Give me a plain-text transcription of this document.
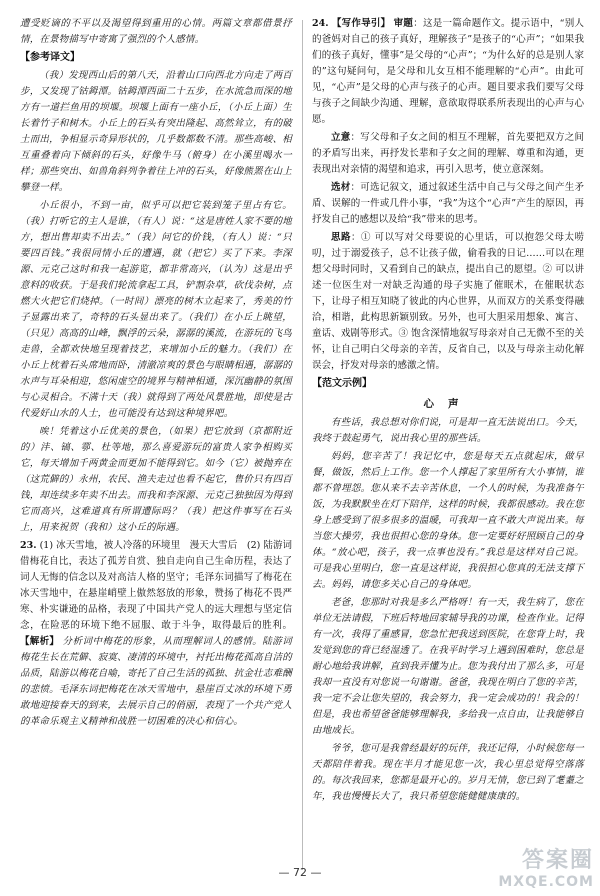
遭受贬谪的不平以及渴望得到重用的心情。两篇文章都借景抒情，在景物描写中寄寓了强烈的个人感情。

【参考译文】

（我）发现西山后的第八天，沿着山口向西北方向走了两百步，又发现了钴鉧潭。钴鉧潭西面二十五步，在水流急而深的地方有一道拦鱼用的坝堰。坝堰上面有一座小丘，（小丘上面）生长着竹子和树木。小丘上的石头有突出隆起、高然耸立，有的破土而出，争相显示奇异形状的，几乎数都数不清。那些高峻、相互重叠着向下倾斜的石头，好像牛马（俯身）在小溪里喝水一样；那些突出、如兽角斜列争着往上冲的石头，好像熊罴在山上攀登一样。

小丘很小，不到一亩，似乎可以把它装到笼子里占有它。（我）打听它的主人是谁，（有人）说：“这是唐姓人家不要的地方，想出售却卖不出去。”（我）问它的价钱，（有人）说：“只要四百钱。”我很同情小丘的遭遇，就（把它）买了下来。李深源、元克己这时和我一起游览，都非常高兴，（认为）这是出乎意料的收获。于是我们轮流拿起工具，铲割杂草，砍伐杂树，点燃大火把它们烧掉。（一时间）漂亮的树木立起来了，秀美的竹子显露出来了，奇特的石头显出来了。（我们）在小丘上眺望，（只见）高高的山峰，飘浮的云朵，潺潺的溪流，在游玩的飞鸟走兽，全都欢快地呈现着技艺，来增加小丘的魅力。（我们）在小丘上枕着石头席地而卧，清澈凉爽的景色与眼睛相遇，潺潺的水声与耳朵相迎，悠闲虚空的境界与精神相通，深沉幽静的氛围与心灵相合。不满十天（我）就得到了两处风景胜地，即使是古代爱好山水的人士，也可能没有达到这种境界吧。

唉！凭着这小丘优美的景色，（如果）把它放到（京都附近的）沣、镐、鄠、杜等地，那么喜爱游玩的富贵人家争相购买它，每天增加千两黄金而更加不能得到它。如今（它）被抛弃在（这荒僻的）永州，农民、渔夫走过也看不起它，售价只有四百钱，却连续多年卖不出去。而我和李深源、元克己独独因为得到它而高兴，这难道真有所谓遭际吗？（我）把这件事写在石头上，用来祝贺（我和）这小丘的际遇。

23. (1) 冰天雪地，被人冷落的环境里　漫天大雪后　(2) 陆游词借梅花自比，表达了孤芳自赏、独自走向自己生命历程，表达了词人无悔的信念以及对高洁人格的坚守；毛泽东词描写了梅花在冰天雪地中，在悬崖峭壁上傲然怒放的形象，赞扬了梅花不畏严寒、朴实谦逊的品格，表现了中国共产党人的远大理想与坚定信念，在险恶的环境下绝不屈服、敢于斗争，取得最后的胜利。 【解析】 分析词中梅花的形象，从而理解词人的感情。陆游词梅花生长在荒僻、寂寞、凄清的环境中，衬托出梅花孤高自洁的品质，陆游以梅花自喻，寄托了自己生活的孤独、抗金壮志难酬的悲愤。毛泽东词把梅花在冰天雪地中，悬崖百丈冰的环境下勇敢地迎接春天的到来，去展示自己的俏丽，表现了一个共产党人的革命乐观主义精神和战胜一切困难的决心和信心。

24. 【写作导引】 审题：这是一篇命题作文。提示语中，“别人的爸妈对自己的孩子真好，理解孩子”是孩子的“心声”；“如果我们的孩子真好，懂事”是父母的“心声”；“为什么好的总是别人家的”这句疑问句，是父母和儿女互相不能理解的“心声”。由此可见，“心声”是父母的心声与孩子的心声。题目要求我们要写父母与孩子之间缺少沟通、理解，意欲取得联系所表现出的心声与心愿。

立意：写父母和子女之间的相互不理解，首先要把双方之间的矛盾写出来，再抒发长辈和子女之间的理解、尊重和沟通，更表现出对亲情的渴望和追求，再引入思考，使立意深刻。

选材：可选记叙文，通过叙述生活中自己与父母之间产生矛盾、误解的一件或几件小事，“我”为这个“心声”产生的原因，再抒发自己的感想以及给“我”带来的思考。

思路：① 可以写对父母要说的心里话，可以抱怨父母太唠叨，过于溺爱孩子，总不让孩子做，偷看我的日记……可以在理想父母时同时，又看到自己的缺点，提出自己的愿望。② 可以讲述一位医生对一对缺乏沟通的母子实施了催眠术，在催眠状态下，让母子相互知晓了彼此的内心世界，从而双方的关系变得融洽，相谐，此构思新颖别致。另外，也可大胆采用想象、寓言、童话、戏剧等形式。③ 饱含深情地叙写母亲对自己无微不至的关怀，让自己明白父母亲的辛苦，反省自己，以及与母亲主动化解误会，抒发对母亲的感激之情。

【范文示例】
心声

有些话，我总想对你们说，可是却一直无法说出口。今天，我终于鼓起勇气，说出我心里的那些话。

妈妈，您辛苦了！我记忆中，您是每天五点就起床，做早餐，做饭，然后上工作。您一个人撑起了家里所有大小事情，谁都不曾埋怨。您从来不去辛苦休息，一个人的时候，为我准备午饭，为我默默坐在灯下陪伴，这样的时候，我都很感动。我在您身上感受到了很多很多的温暖，可我却一直不敢大声说出来。每当您大操劳，我也很担心您的身体。您一定要好好照顾自己的身体。“放心吧，孩子，我一点事也没有。”我总是这样对自己说。可是我心里明白，您一直是这样说，我很担心您真的无法支撑下去。妈妈，请您多关心自己的身体吧。

老爸，您那时对我是多么严格呀！有一天，我生病了，您在单位无法请假，下班后特地回家辅导我的功课，检查作业。记得有一次，我得了重感冒，您急忙把我送到医院，在您背上时，我发觉到您的背已经湿透了。在我平时学习上遇到困难时，您总是耐心地给我讲解，直到我弄懂为止。您为我付出了那么多，可是我却一直没有对您说一句谢谢。爸爸，我现在明白了您的辛苦，我一定不会让您失望的，我会努力，我一定会成功的！我会的！但是，我也希望爸爸能够理解我，多给我一点自由，让我能够自由地成长。

爷爷，您可是我曾经最好的玩伴，我还记得，小时候您每一天都陪伴着我。现在半月才能见您一次，我心里总觉得空落落的。每次我回来，您都是最开心的。岁月无情，您已到了耄耋之年，我也慢慢长大了，我只希望您能健健康康的。

— 72 —	答案圈
MXQE.COM
